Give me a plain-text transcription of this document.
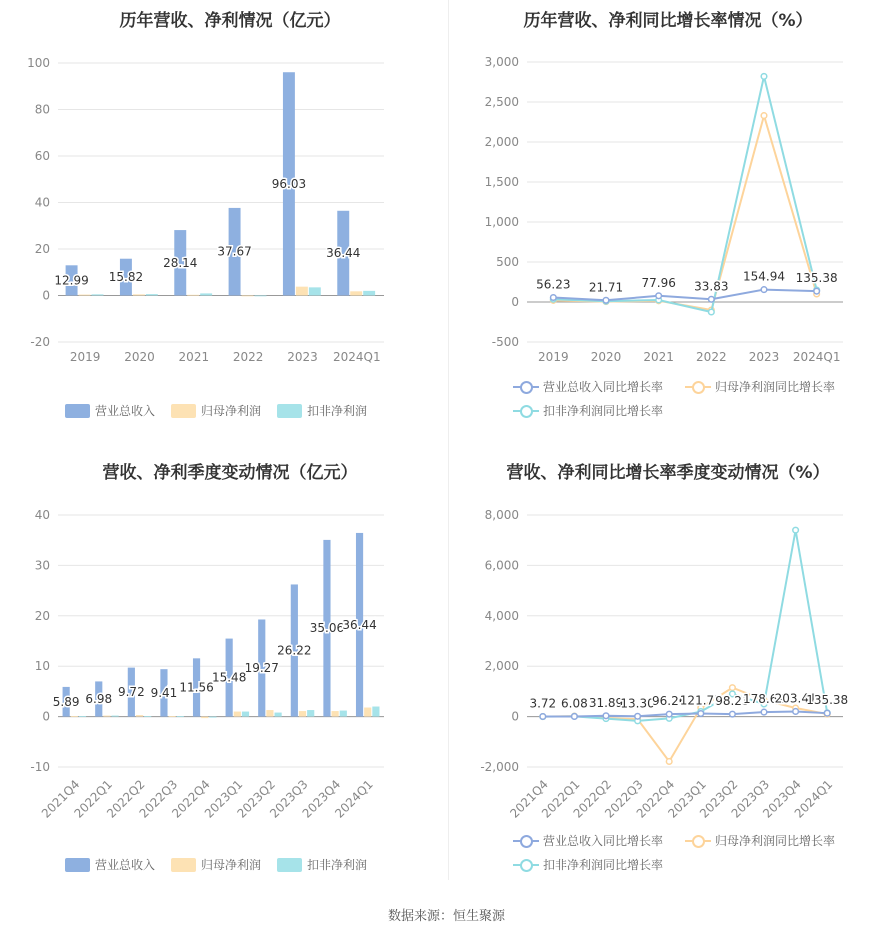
历年营收、净利情况（亿元）
-20
0
20
40
60
80
100
2019 2020 2021 2022 2023 2024Q1
12.99 15.82
28.14
37.67
96.03
36.44
营业总收入	归母净利润	扣非净利润
历年营收、净利同比增长率情况（%）
-500
0
500
1,000
1,500
2,000
2,500
3,000
2019 2020 2021 2022 2023 2024Q1
56.23 21.71 77.96 33.83
154.94 135.38
营业总收入同比增长率	归母净利润同比增长率
扣非净利润同比增长率
营收、净利季度变动情况（亿元）
-10
0
10
20
30
40
2021Q4
2022Q1
2022Q2
2022Q3
2022Q4
2023Q1
2023Q2
2023Q3
2023Q4
2024Q1
5.89 6.98 9.72 9.41 11.56
15.48
19.27
26.22
35.06
36.44
营业总收入	归母净利润	扣非净利润
营收、净利同比增长率季度变动情况（%）
-2,000
0
2,000
4,000
6,000
8,000
2021Q4
2022Q1
2022Q2
2022Q3
2022Q4
2023Q1
2023Q2
2023Q3
2023Q4
2024Q1
3.72 6.08 31.89
13.30
96.26
121.75
98.23
178.62
203.41
135.38
营业总收入同比增长率	归母净利润同比增长率
扣非净利润同比增长率
数据来源：恒生聚源
